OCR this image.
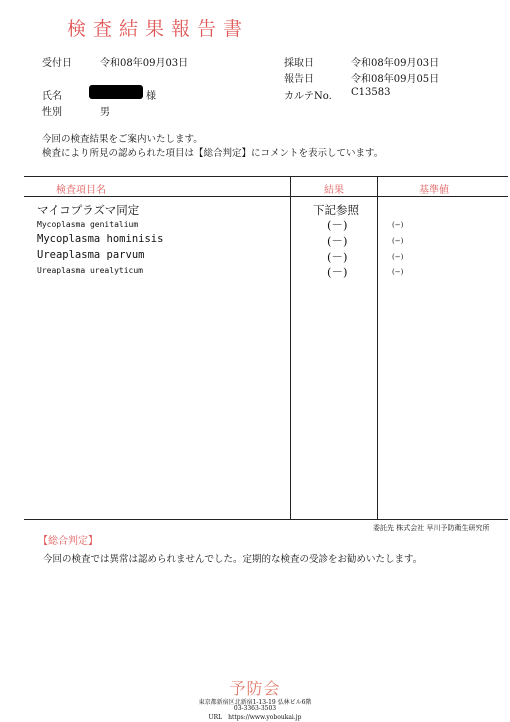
検査結果報告書
受付日	令和08年09月03日	採取日	令和08年09月03日
報告日	令和08年09月05日
氏名	様	カルテNo. C13583
性別	男
今回の検査結果をご案内いたします。
検査により所見の認められた項目は【総合判定】にコメントを表示しています。
検査項目名	結果	基準値
マイコプラズマ同定	下記参照
Mycoplasma genitalium	(－)	(−)
Mycoplasma hominisis	(－)	(−)
Ureaplasma parvum	(－)	(−)
Ureaplasma urealyticum	(－)	(−)
委託先 株式会社 早川予防衛生研究所
【総合判定】
今回の検査では異常は認められませんでした。定期的な検査の受診をお勧めいたします。
予防会
東京都新宿区北新宿1-13-19 弘林ビル6階
03-3363-3503
URL　https://www.yoboukai.jp
